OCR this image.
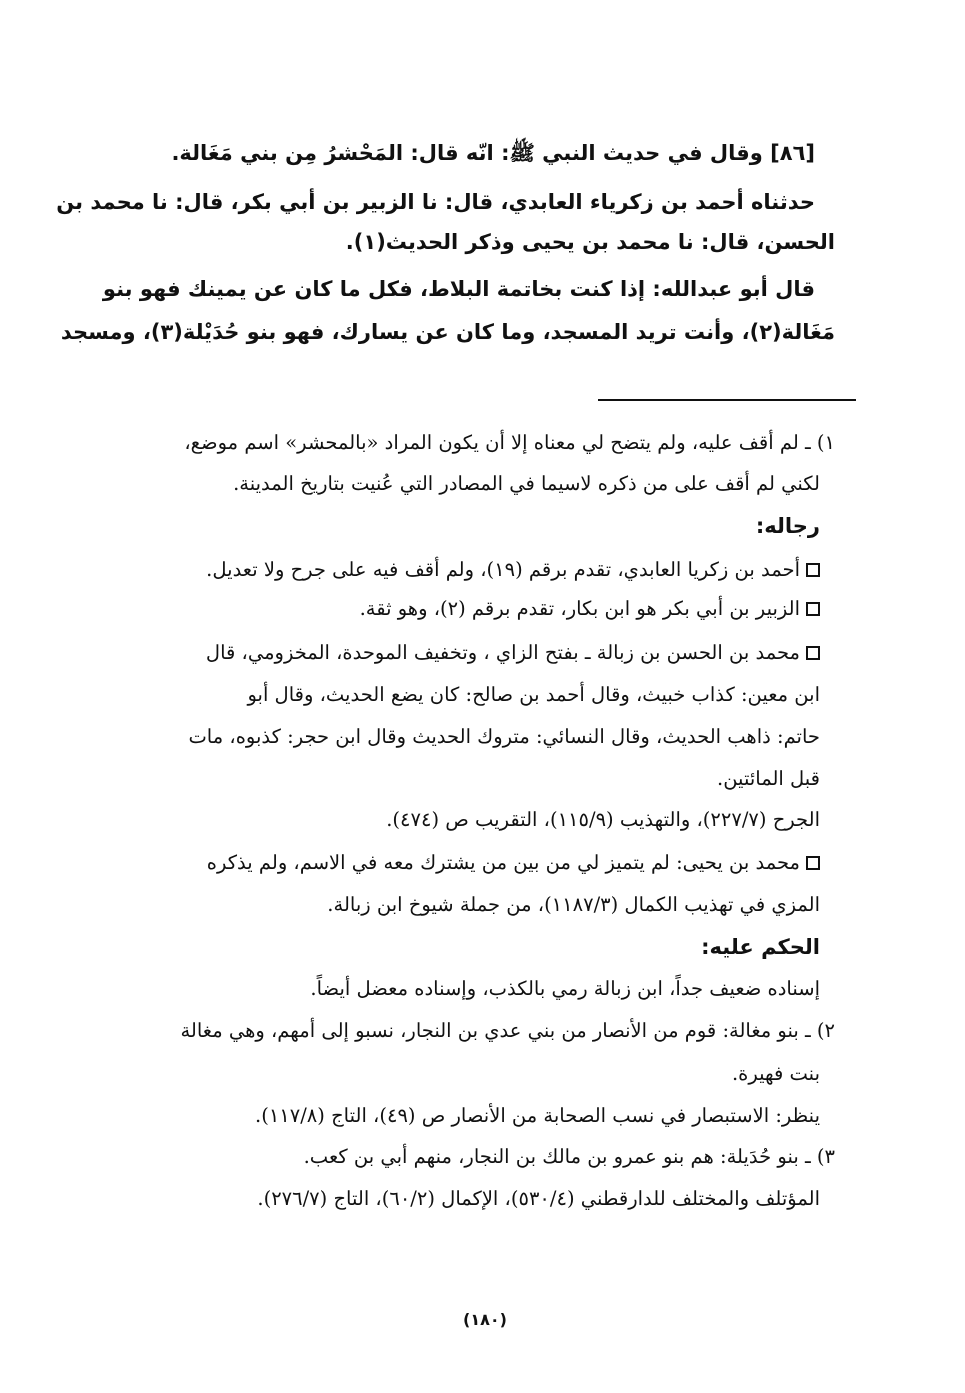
[٨٦] وقال في حديث النبي ﷺ: انّه قال: المَحْشرُ مِن بني مَغَالة.
حدثناه أحمد بن زكرياء العابدي، قال: نا الزبير بن أبي بكر، قال: نا محمد بن
الحسن، قال: نا محمد بن يحيى وذكر الحديث(١).
قال أبو عبدالله: إذا كنت بخاتمة البلاط، فكل ما كان عن يمينك فهو بنو
مَغَالة(٢)، وأنت تريد المسجد، وما كان عن يسارك، فهو بنو حُدَيْلة(٣)، ومسجد
١) ـ لم أقف عليه، ولم يتضح لي معناه إلا أن يكون المراد «بالمحشر» اسم موضع،
لكني لم أقف على من ذكره لاسيما في المصادر التي عُنيت بتاريخ المدينة.
رجاله:
أحمد بن زكريا العابدي، تقدم برقم (١٩)، ولم أقف فيه على جرح ولا تعديل.
الزبير بن أبي بكر هو ابن بكار، تقدم برقم (٢)، وهو ثقة.
محمد بن الحسن بن زبالة ـ بفتح الزاي ، وتخفيف الموحدة، المخزومي، قال
ابن معين: كذاب خبيث، وقال أحمد بن صالح: كان يضع الحديث، وقال أبو
حاتم: ذاهب الحديث، وقال النسائي: متروك الحديث وقال ابن حجر: كذبوه، مات
قبل المائتين.
الجرح (٢٢٧/٧)، والتهذيب (١١٥/٩)، التقريب ص (٤٧٤).
محمد بن يحيى: لم يتميز لي من بين من يشترك معه في الاسم، ولم يذكره
المزي في تهذيب الكمال (١١٨٧/٣)، من جملة شيوخ ابن زبالة.
الحكم عليه:
إسناده ضعيف جداً، ابن زبالة رمي بالكذب، وإسناده معضل أيضاً.
٢) ـ بنو مغالة: قوم من الأنصار من بني عدي بن النجار، نسبو إلى أمهم، وهي مغالة
بنت فهيرة.
ينظر: الاستبصار في نسب الصحابة من الأنصار ص (٤٩)، التاج (١١٧/٨).
٣) ـ بنو حُدَيلة: هم بنو عمرو بن مالك بن النجار، منهم أبي بن كعب.
المؤتلف والمختلف للدارقطني (٥٣٠/٤)، الإكمال (٦٠/٢)، التاج (٢٧٦/٧).
(١٨٠)
